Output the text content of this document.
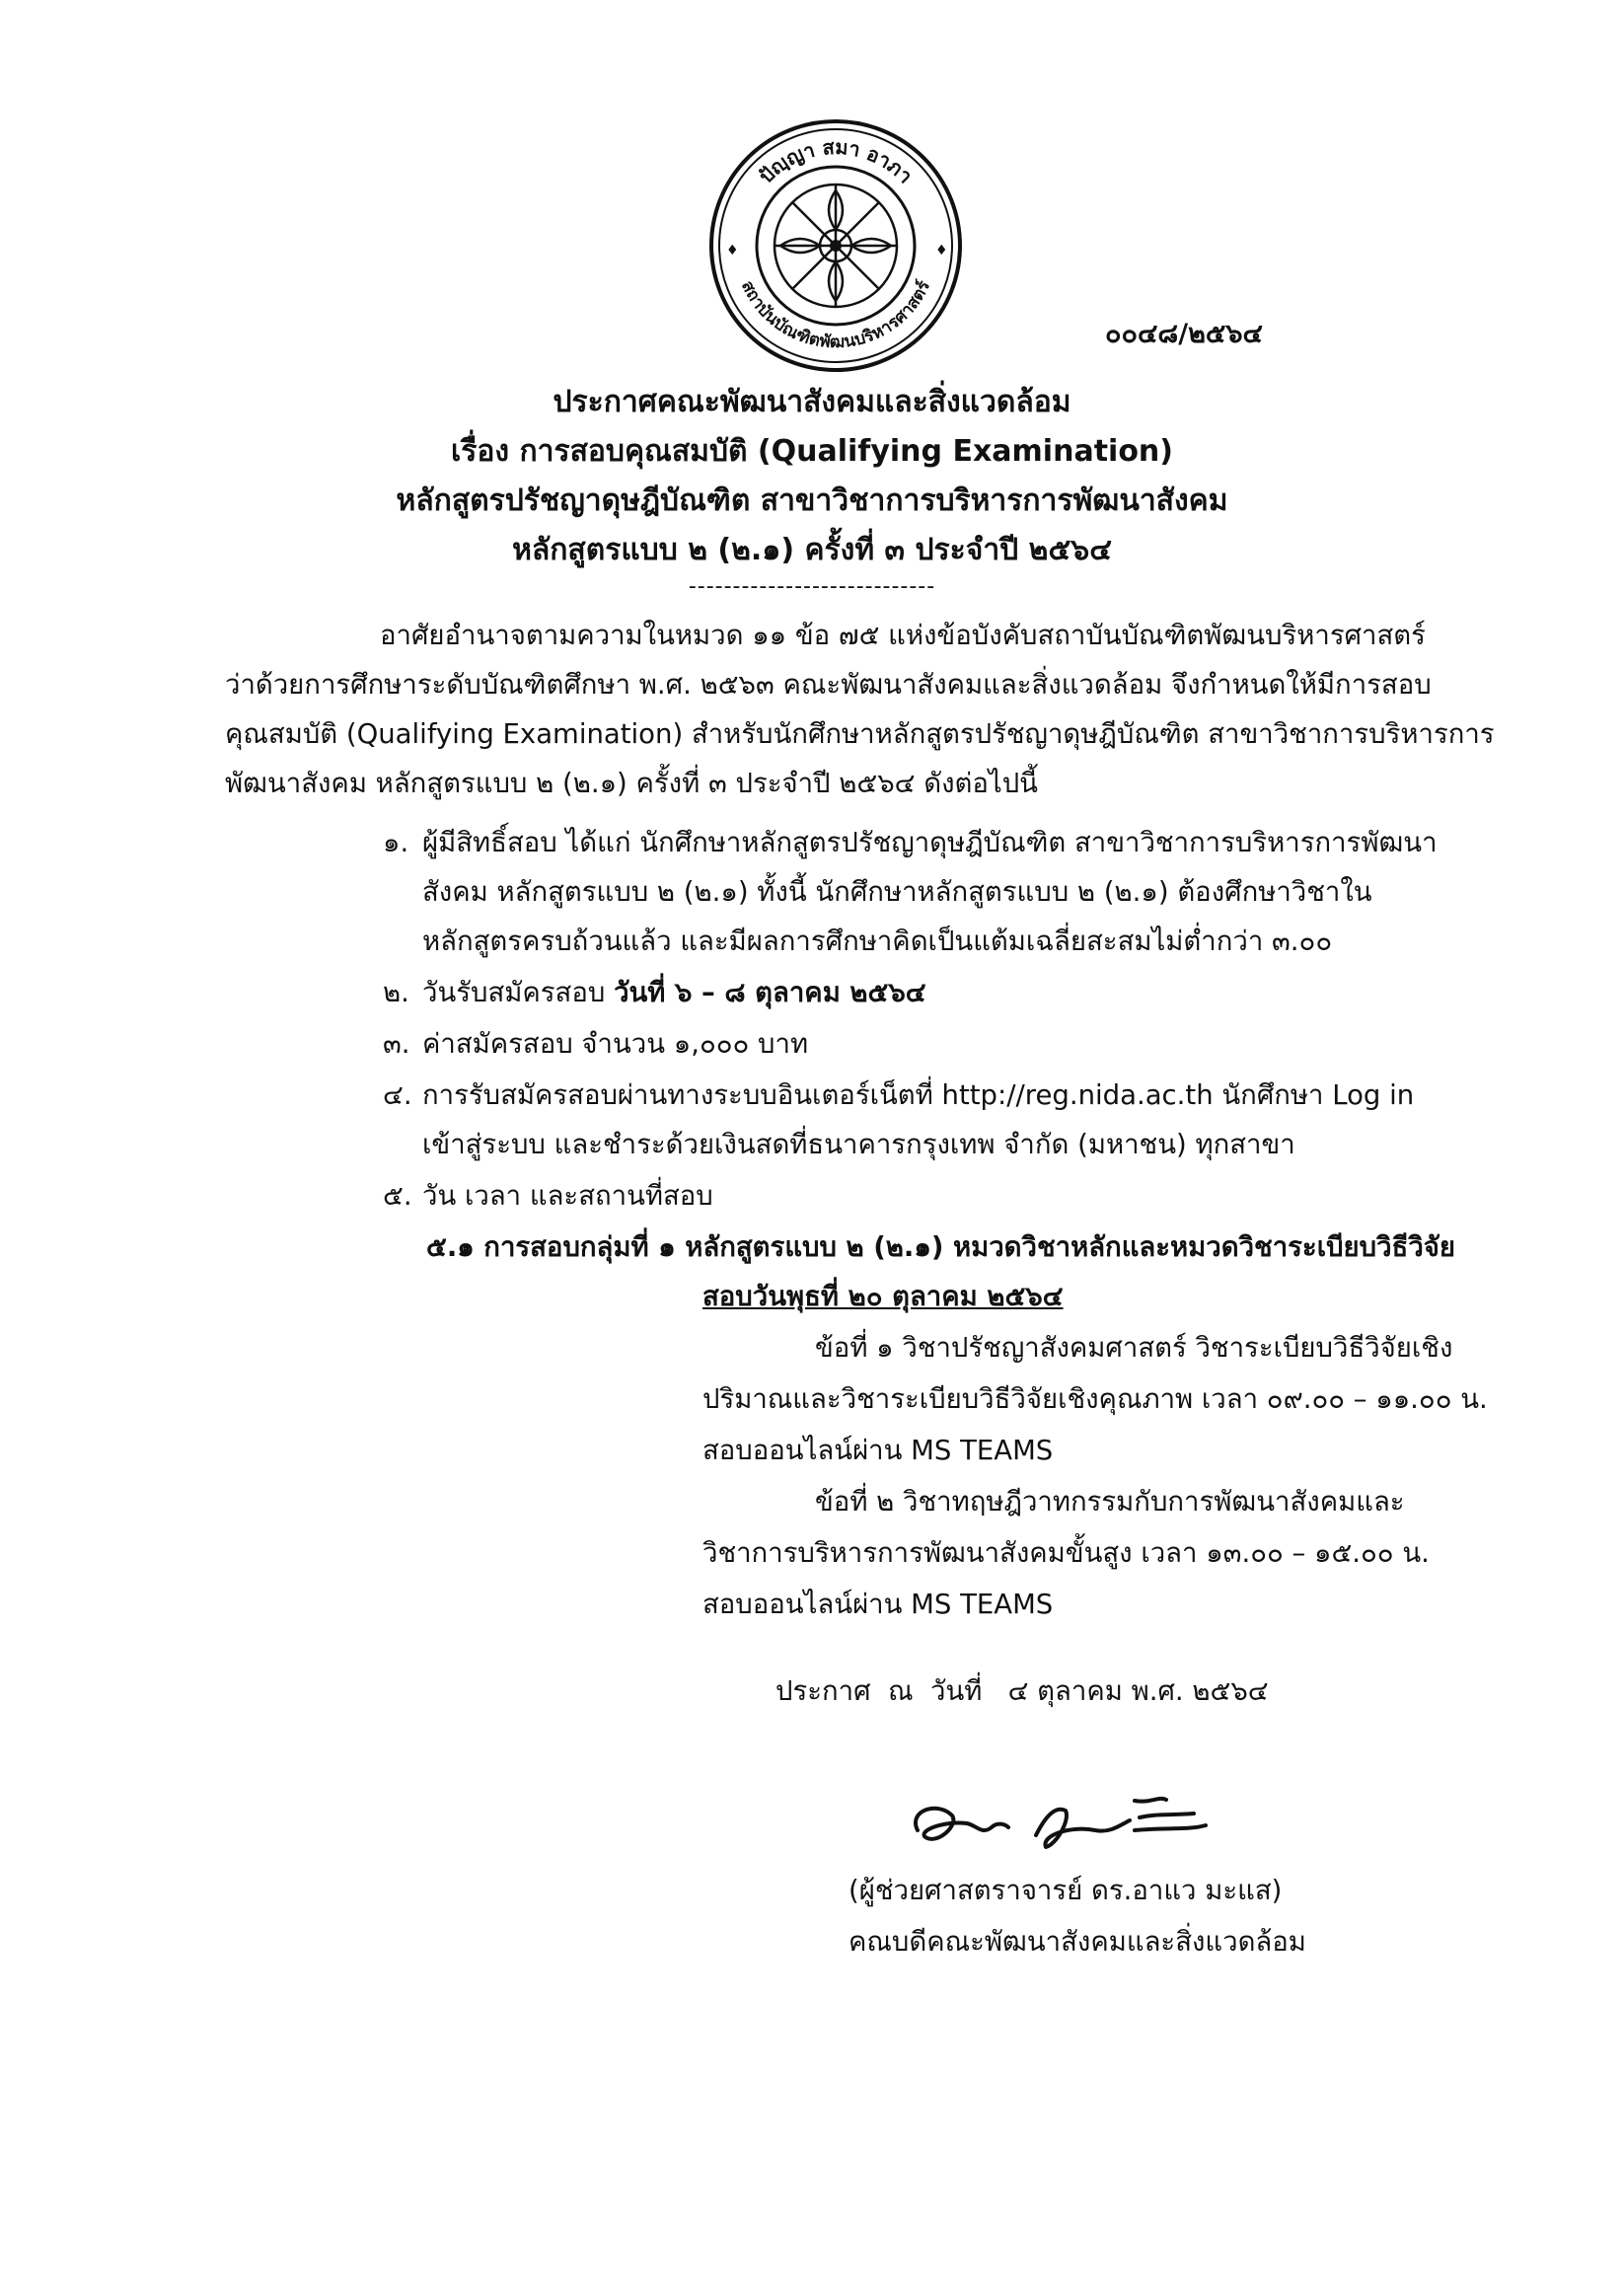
ปัญฺญา สมา อาภา
สถาบันบัณฑิตพัฒนบริหารศาสตร์
♦	♦
๐๐๔๘/๒๕๖๔
ประกาศคณะพัฒนาสังคมและสิ่งแวดล้อม
เรื่อง การสอบคุณสมบัติ (Qualifying Examination)
หลักสูตรปรัชญาดุษฎีบัณฑิต สาขาวิชาการบริหารการพัฒนาสังคม
หลักสูตรแบบ ๒ (๒.๑) ครั้งที่ ๓ ประจำปี ๒๕๖๔
----------------------------
อาศัยอำนาจตามความในหมวด ๑๑ ข้อ ๗๕ แห่งข้อบังคับสถาบันบัณฑิตพัฒนบริหารศาสตร์
ว่าด้วยการศึกษาระดับบัณฑิตศึกษา พ.ศ. ๒๕๖๓ คณะพัฒนาสังคมและสิ่งแวดล้อม จึงกำหนดให้มีการสอบ
คุณสมบัติ (Qualifying Examination) สำหรับนักศึกษาหลักสูตรปรัชญาดุษฎีบัณฑิต สาขาวิชาการบริหารการ
พัฒนาสังคม หลักสูตรแบบ ๒ (๒.๑) ครั้งที่ ๓ ประจำปี ๒๕๖๔ ดังต่อไปนี้
๑. ผู้มีสิทธิ์สอบ ได้แก่ นักศึกษาหลักสูตรปรัชญาดุษฎีบัณฑิต สาขาวิชาการบริหารการพัฒนา
สังคม หลักสูตรแบบ ๒ (๒.๑) ทั้งนี้ นักศึกษาหลักสูตรแบบ ๒ (๒.๑) ต้องศึกษาวิชาใน
หลักสูตรครบถ้วนแล้ว และมีผลการศึกษาคิดเป็นแต้มเฉลี่ยสะสมไม่ต่ำกว่า ๓.๐๐
๒. วันรับสมัครสอบ วันที่ ๖ – ๘ ตุลาคม ๒๕๖๔
๓. ค่าสมัครสอบ จำนวน ๑,๐๐๐ บาท
๔. การรับสมัครสอบผ่านทางระบบอินเตอร์เน็ตที่ http://reg.nida.ac.th นักศึกษา Log in
เข้าสู่ระบบ และชำระด้วยเงินสดที่ธนาคารกรุงเทพ จำกัด (มหาชน) ทุกสาขา
๕. วัน เวลา และสถานที่สอบ
๕.๑ การสอบกลุ่มที่ ๑ หลักสูตรแบบ ๒ (๒.๑) หมวดวิชาหลักและหมวดวิชาระเบียบวิธีวิจัย
สอบวันพุธที่ ๒๐ ตุลาคม ๒๕๖๔
ข้อที่ ๑ วิชาปรัชญาสังคมศาสตร์ วิชาระเบียบวิธีวิจัยเชิง
ปริมาณและวิชาระเบียบวิธีวิจัยเชิงคุณภาพ เวลา ๐๙.๐๐ – ๑๑.๐๐ น.
สอบออนไลน์ผ่าน MS TEAMS
ข้อที่ ๒ วิชาทฤษฎีวาทกรรมกับการพัฒนาสังคมและ
วิชาการบริหารการพัฒนาสังคมขั้นสูง เวลา ๑๓.๐๐ – ๑๕.๐๐ น.
สอบออนไลน์ผ่าน MS TEAMS
ประกาศ  ณ  วันที่   ๔ ตุลาคม พ.ศ. ๒๕๖๔
(ผู้ช่วยศาสตราจารย์ ดร.อาแว มะแส)
คณบดีคณะพัฒนาสังคมและสิ่งแวดล้อม
